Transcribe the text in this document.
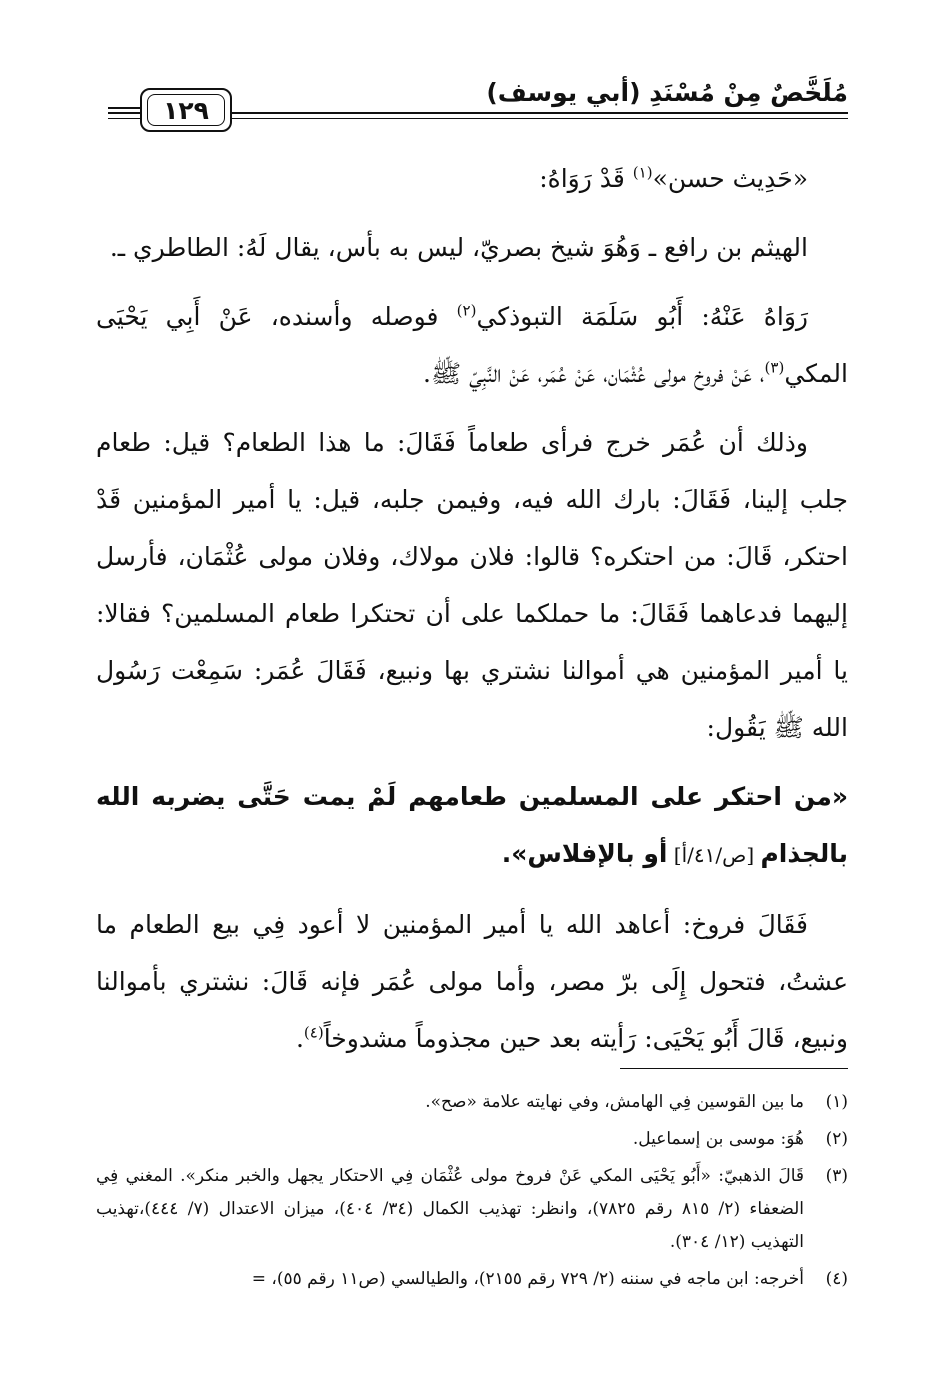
مُلَخَّصٌ مِنْ مُسْنَدِ (أبي يوسف)
١٢٩

«حَدِيث حسن»$^{(١)}$ قَدْ رَوَاهُ:

الهيثم بن رافع ـ وَهُوَ شيخ بصريّ، ليس به بأس، يقال لَهُ: الطاطري ـ.

رَوَاهُ عَنْهُ: أَبُو سَلَمَة التبوذكي$^{(٢)}$ فوصله وأسنده، عَنْ أَبِي يَحْيَى المكي$^{(٣)}$، عَنْ فروخ مولى عُثْمَان، عَنْ عُمَر، عَنْ النَّبِيّ ﷺ.

وذلك أن عُمَر خرج فرأى طعاماً فَقَالَ: ما هذا الطعام؟ قيل: طعام جلب إلينا، فَقَالَ: بارك الله فيه، وفيمن جلبه، قيل: يا أمير المؤمنين قَدْ احتكر، قَالَ: من احتكره؟ قالوا: فلان مولاك، وفلان مولى عُثْمَان، فأرسل إليهما فدعاهما فَقَالَ: ما حملكما على أن تحتكرا طعام المسلمين؟ فقالا: يا أمير المؤمنين هي أموالنا نشتري بها ونبيع، فَقَالَ عُمَر: سَمِعْت رَسُول الله ﷺ يَقُول:

«من احتكر على المسلمين طعامهم لَمْ يمت حَتَّى يضربه الله بالجذام [ص/٤١/أ] أو بالإفلاس».

فَقَالَ فروخ: أعاهد الله يا أمير المؤمنين لا أعود فِي بيع الطعام ما عشتُ، فتحول إِلَى برّ مصر، وأما مولى عُمَر فإنه قَالَ: نشتري بأموالنا ونبيع، قَالَ أَبُو يَحْيَى: رَأيته بعد حين مجذوماً مشدوخاً$^{(٤)}$.

(١)
ما بين القوسين فِي الهامش، وفي نهايته علامة «صح».
(٢)
هُوَ: موسى بن إسماعيل.
(٣)
قَالَ الذهبيّ: «أَبُو يَحْيَى المكي عَنْ فروخ مولى عُثْمَان فِي الاحتكار يجهل والخبر منكر». المغني فِي الضعفاء (٢/ ٨١٥ رقم ٧٨٢٥)، وانظر: تهذيب الكمال (٣٤/ ٤٠٤)، ميزان الاعتدال (٧/ ٤٤٤)،تهذيب التهذيب (١٢/ ٣٠٤).
(٤)
أخرجه: ابن ماجه في سننه (٢/ ٧٢٩ رقم ٢١٥٥)، والطيالسي (ص١١ رقم ٥٥)، =
